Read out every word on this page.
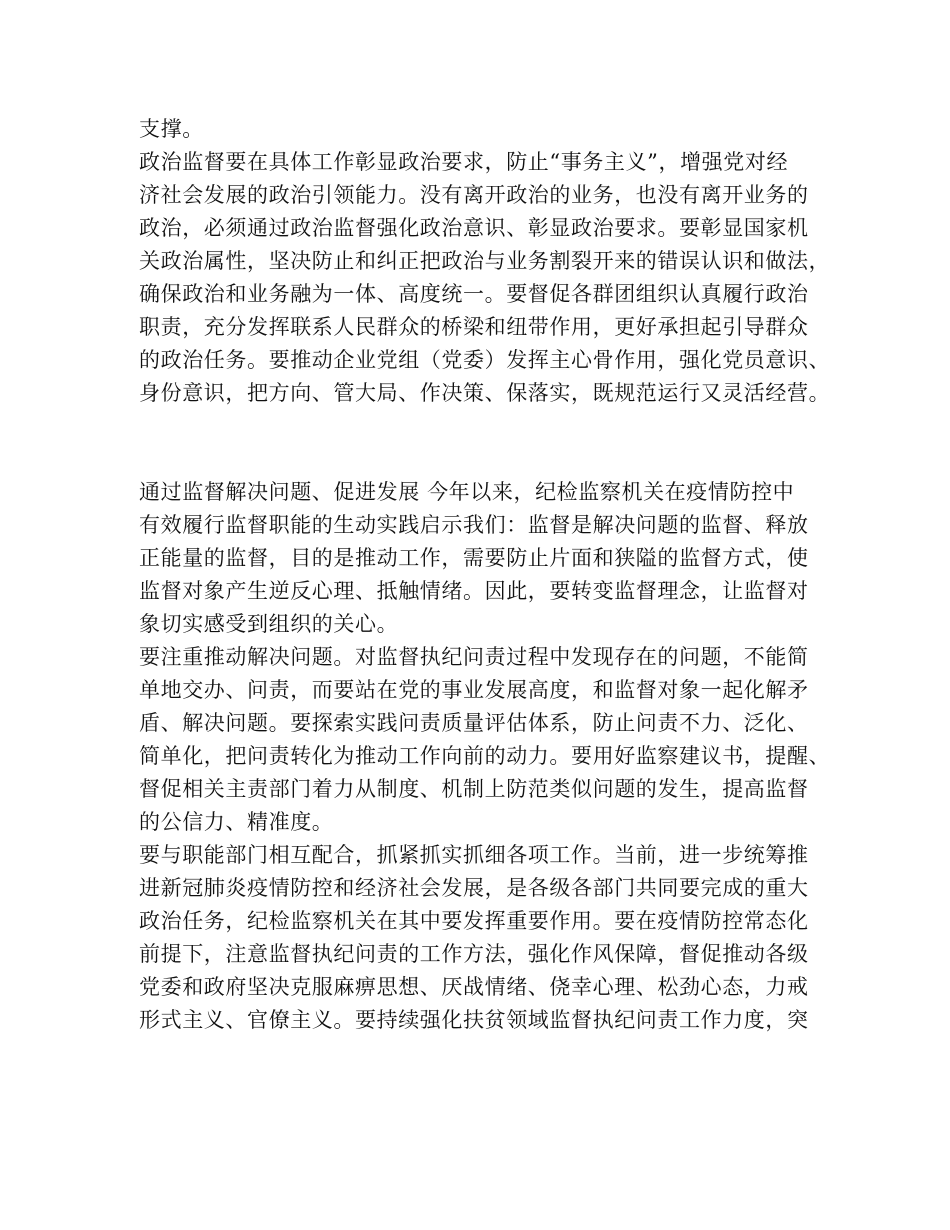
支撑。
政治监督要在具体工作彰显政治要求，防止“事务主义”，增强党对经
济社会发展的政治引领能力。没有离开政治的业务，也没有离开业务的
政治，必须通过政治监督强化政治意识、彰显政治要求。要彰显国家机
关政治属性，坚决防止和纠正把政治与业务割裂开来的错误认识和做法，
确保政治和业务融为一体、高度统一。要督促各群团组织认真履行政治
职责，充分发挥联系人民群众的桥梁和纽带作用，更好承担起引导群众
的政治任务。要推动企业党组（党委）发挥主心骨作用，强化党员意识、
身份意识，把方向、管大局、作决策、保落实，既规范运行又灵活经营。
通过监督解决问题、促进发展 今年以来，纪检监察机关在疫情防控中
有效履行监督职能的生动实践启示我们：监督是解决问题的监督、释放
正能量的监督，目的是推动工作，需要防止片面和狭隘的监督方式，使
监督对象产生逆反心理、抵触情绪。因此，要转变监督理念，让监督对
象切实感受到组织的关心。
要注重推动解决问题。对监督执纪问责过程中发现存在的问题，不能简
单地交办、问责，而要站在党的事业发展高度，和监督对象一起化解矛
盾、解决问题。要探索实践问责质量评估体系，防止问责不力、泛化、
简单化，把问责转化为推动工作向前的动力。要用好监察建议书，提醒、
督促相关主责部门着力从制度、机制上防范类似问题的发生，提高监督
的公信力、精准度。
要与职能部门相互配合，抓紧抓实抓细各项工作。当前，进一步统筹推
进新冠肺炎疫情防控和经济社会发展，是各级各部门共同要完成的重大
政治任务，纪检监察机关在其中要发挥重要作用。要在疫情防控常态化
前提下，注意监督执纪问责的工作方法，强化作风保障，督促推动各级
党委和政府坚决克服麻痹思想、厌战情绪、侥幸心理、松劲心态，力戒
形式主义、官僚主义。要持续强化扶贫领域监督执纪问责工作力度，突
